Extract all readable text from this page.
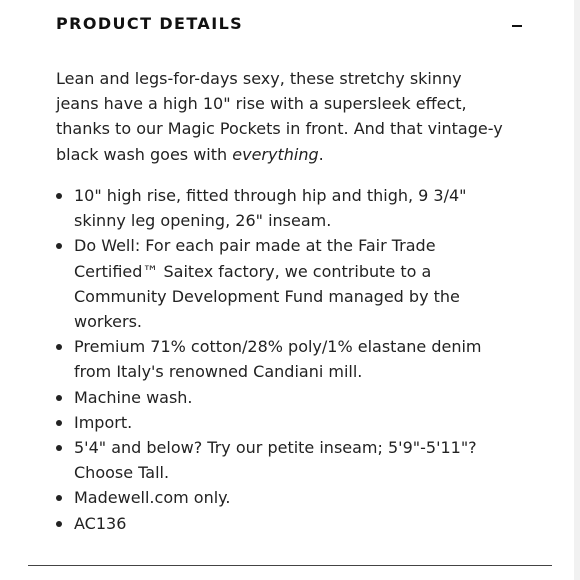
PRODUCT DETAILS

Lean and legs-for-days sexy, these stretchy skinny jeans have a high 10" rise with a supersleek effect, thanks to our Magic Pockets in front. And that vintage-y black wash goes with everything.

10" high rise, fitted through hip and thigh, 9 3/4" skinny leg opening, 26" inseam.
Do Well: For each pair made at the Fair Trade Certified™ Saitex factory, we contribute to a Community Development Fund managed by the workers.
Premium 71% cotton/28% poly/1% elastane denim from Italy's renowned Candiani mill.
Machine wash.
Import.
5'4" and below? Try our petite inseam; 5'9"-5'11"? Choose Tall.
Madewell.com only.
AC136
